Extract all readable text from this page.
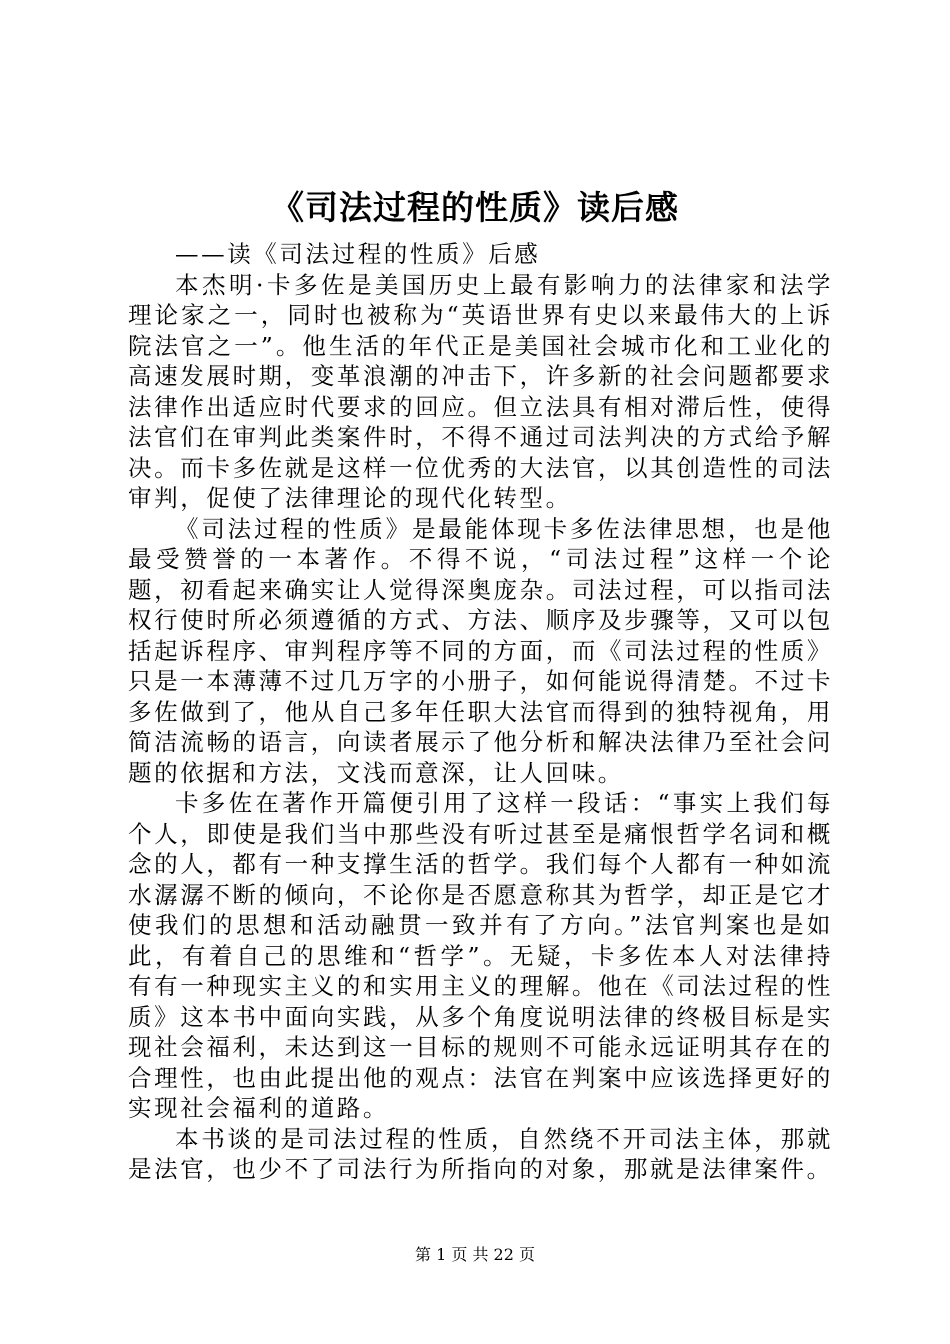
《司法过程的性质》读后感

——读《司法过程的性质》后感

本杰明·卡多佐是美国历史上最有影响力的法律家和法学理论家之一，同时也被称为“英语世界有史以来最伟大的上诉院法官之一”。他生活的年代正是美国社会城市化和工业化的高速发展时期，变革浪潮的冲击下，许多新的社会问题都要求法律作出适应时代要求的回应。但立法具有相对滞后性，使得法官们在审判此类案件时，不得不通过司法判决的方式给予解决。而卡多佐就是这样一位优秀的大法官，以其创造性的司法审判，促使了法律理论的现代化转型。

《司法过程的性质》是最能体现卡多佐法律思想，也是他最受赞誉的一本著作。不得不说，“司法过程”这样一个论题，初看起来确实让人觉得深奥庞杂。司法过程，可以指司法权行使时所必须遵循的方式、方法、顺序及步骤等，又可以包括起诉程序、审判程序等不同的方面，而《司法过程的性质》只是一本薄薄不过几万字的小册子，如何能说得清楚。不过卡多佐做到了，他从自己多年任职大法官而得到的独特视角，用简洁流畅的语言，向读者展示了他分析和解决法律乃至社会问题的依据和方法，文浅而意深，让人回味。

卡多佐在著作开篇便引用了这样一段话：“事实上我们每个人，即使是我们当中那些没有听过甚至是痛恨哲学名词和概念的人，都有一种支撑生活的哲学。我们每个人都有一种如流水潺潺不断的倾向，不论你是否愿意称其为哲学，却正是它才使我们的思想和活动融贯一致并有了方向。”法官判案也是如此，有着自己的思维和“哲学”。无疑，卡多佐本人对法律持有有一种现实主义的和实用主义的理解。他在《司法过程的性质》这本书中面向实践，从多个角度说明法律的终极目标是实现社会福利，未达到这一目标的规则不可能永远证明其存在的合理性，也由此提出他的观点：法官在判案中应该选择更好的实现社会福利的道路。

本书谈的是司法过程的性质，自然绕不开司法主体，那就是法官，也少不了司法行为所指向的对象，那就是法律案件。

第 1 页 共 22 页
